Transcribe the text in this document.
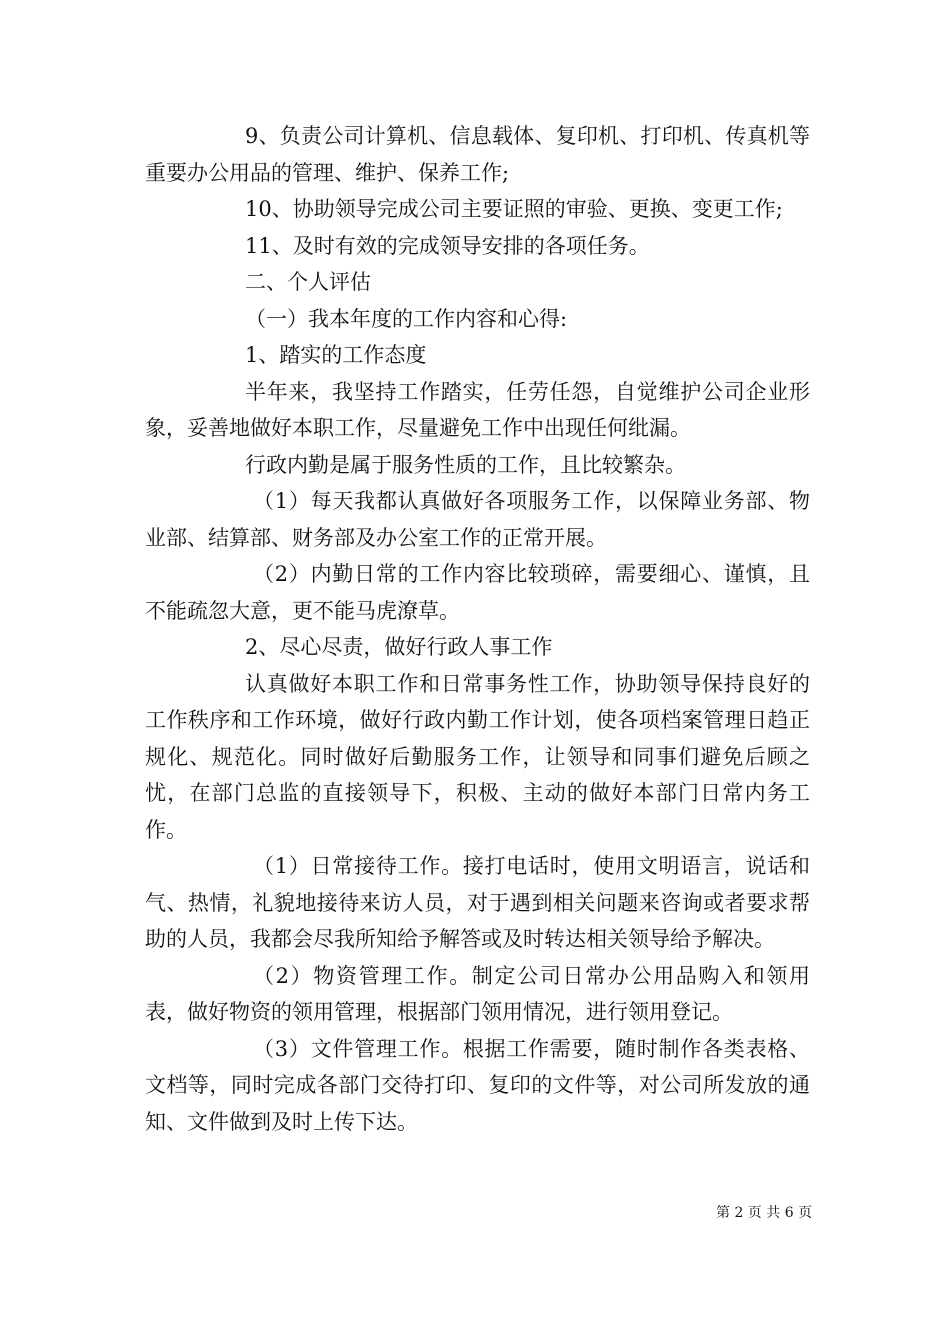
9、负责公司计算机、信息载体、复印机、打印机、传真机等重要办公用品的管理、维护、保养工作;

10、协助领导完成公司主要证照的审验、更换、变更工作;

11、及时有效的完成领导安排的各项任务。

二、个人评估

（一）我本年度的工作内容和心得:

1、踏实的工作态度

半年来，我坚持工作踏实，任劳任怨，自觉维护公司企业形象，妥善地做好本职工作，尽量避免工作中出现任何纰漏。

行政内勤是属于服务性质的工作，且比较繁杂。

（1）每天我都认真做好各项服务工作，以保障业务部、物业部、结算部、财务部及办公室工作的正常开展。

（2）内勤日常的工作内容比较琐碎，需要细心、谨慎，且不能疏忽大意，更不能马虎潦草。

2、尽心尽责，做好行政人事工作

认真做好本职工作和日常事务性工作，协助领导保持良好的工作秩序和工作环境，做好行政内勤工作计划，使各项档案管理日趋正规化、规范化。同时做好后勤服务工作，让领导和同事们避免后顾之忧，在部门总监的直接领导下，积极、主动的做好本部门日常内务工作。

（1）日常接待工作。接打电话时，使用文明语言，说话和气、热情，礼貌地接待来访人员，对于遇到相关问题来咨询或者要求帮助的人员，我都会尽我所知给予解答或及时转达相关领导给予解决。

（2）物资管理工作。制定公司日常办公用品购入和领用表，做好物资的领用管理，根据部门领用情况，进行领用登记。

（3）文件管理工作。根据工作需要，随时制作各类表格、文档等，同时完成各部门交待打印、复印的文件等，对公司所发放的通知、文件做到及时上传下达。

第 2 页 共 6 页
